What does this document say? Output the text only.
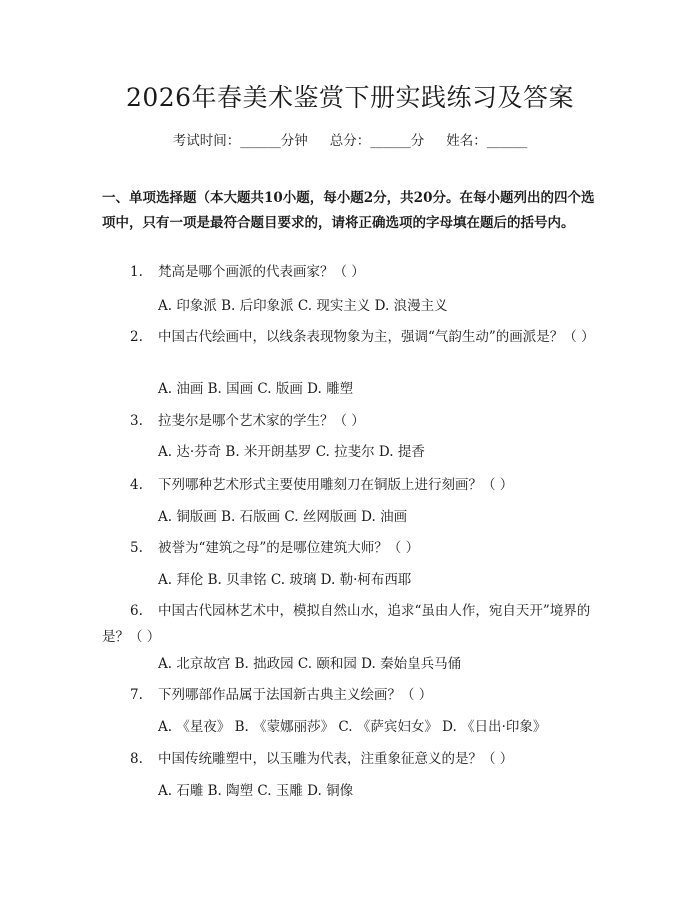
2026年春美术鉴赏下册实践练习及答案
考试时间：______分钟 总分：______分 姓名：______
一、单项选择题（本大题共10小题，每小题2分，共20分。在每小题列出的四个选项中，只有一项是最符合题目要求的，请将正确选项的字母填在题后的括号内。
1. 梵高是哪个画派的代表画家？（ ）
A. 印象派 B. 后印象派 C. 现实主义 D. 浪漫主义
2. 中国古代绘画中，以线条表现物象为主，强调“气韵生动”的画派是？（ ）
A. 油画 B. 国画 C. 版画 D. 雕塑
3. 拉斐尔是哪个艺术家的学生？（ ）
A. 达·芬奇 B. 米开朗基罗 C. 拉斐尔 D. 提香
4. 下列哪种艺术形式主要使用雕刻刀在铜版上进行刻画？（ ）
A. 铜版画 B. 石版画 C. 丝网版画 D. 油画
5. 被誉为“建筑之母”的是哪位建筑大师？（ ）
A. 拜伦 B. 贝聿铭 C. 玻璃 D. 勒·柯布西耶
6. 中国古代园林艺术中，模拟自然山水，追求“虽由人作，宛自天开”境界的是？（ ）
A. 北京故宫 B. 拙政园 C. 颐和园 D. 秦始皇兵马俑
7. 下列哪部作品属于法国新古典主义绘画？（ ）
A. 《星夜》 B. 《蒙娜丽莎》 C. 《萨宾妇女》 D. 《日出·印象》
8. 中国传统雕塑中，以玉雕为代表，注重象征意义的是？（ ）
A. 石雕 B. 陶塑 C. 玉雕 D. 铜像
